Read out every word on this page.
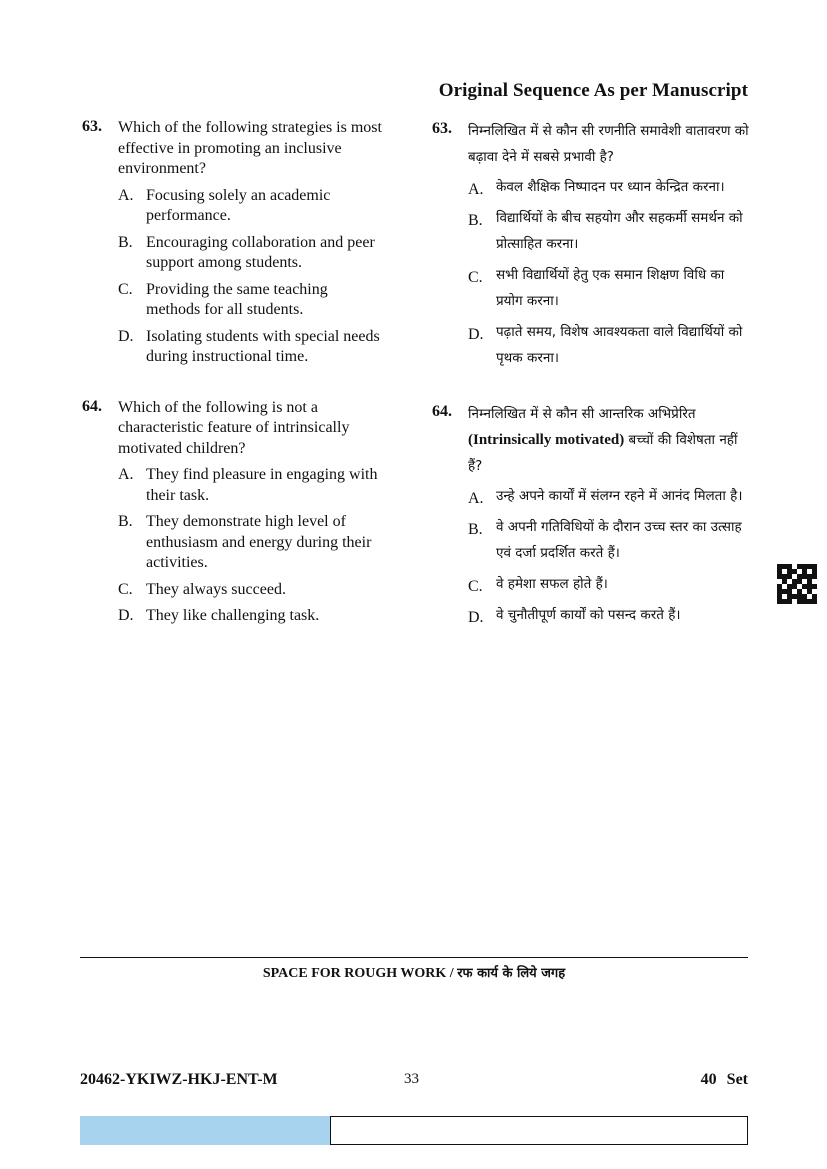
Original Sequence As per Manuscript
63. Which of the following strategies is most effective in promoting an inclusive environment?
A. Focusing solely an academic performance.
B. Encouraging collaboration and peer support among students.
C. Providing the same teaching methods for all students.
D. Isolating students with special needs during instructional time.
64. Which of the following is not a characteristic feature of intrinsically motivated children?
A. They find pleasure in engaging with their task.
B. They demonstrate high level of enthusiasm and energy during their activities.
C. They always succeed.
D. They like challenging task.
63. निम्नलिखित में से कौन सी रणनीति समावेशी वातावरण को बढ़ावा देने में सबसे प्रभावी है?
A. केवल शैक्षिक निष्पादन पर ध्यान केन्द्रित करना।
B. विद्यार्थियों के बीच सहयोग और सहकर्मी समर्थन को प्रोत्साहित करना।
C. सभी विद्यार्थियों हेतु एक समान शिक्षण विधि का प्रयोग करना।
D. पढ़ाते समय, विशेष आवश्यकता वाले विद्यार्थियों को पृथक करना।
64. निम्नलिखित में से कौन सी आन्तरिक अभिप्रेरित (Intrinsically motivated) बच्चों की विशेषता नहीं हैं?
A. उन्हे अपने कार्यों में संलग्न रहने में आनंद मिलता है।
B. वे अपनी गतिविधियों के दौरान उच्च स्तर का उत्साह एवं दर्जा प्रदर्शित करते हैं।
C. वे हमेशा सफल होते हैं।
D. वे चुनौतीपूर्ण कार्यों को पसन्द करते हैं।
SPACE FOR ROUGH WORK / रफ कार्य के लिये जगह
20462-YKIWZ-HKJ-ENT-M	33	40 Set
